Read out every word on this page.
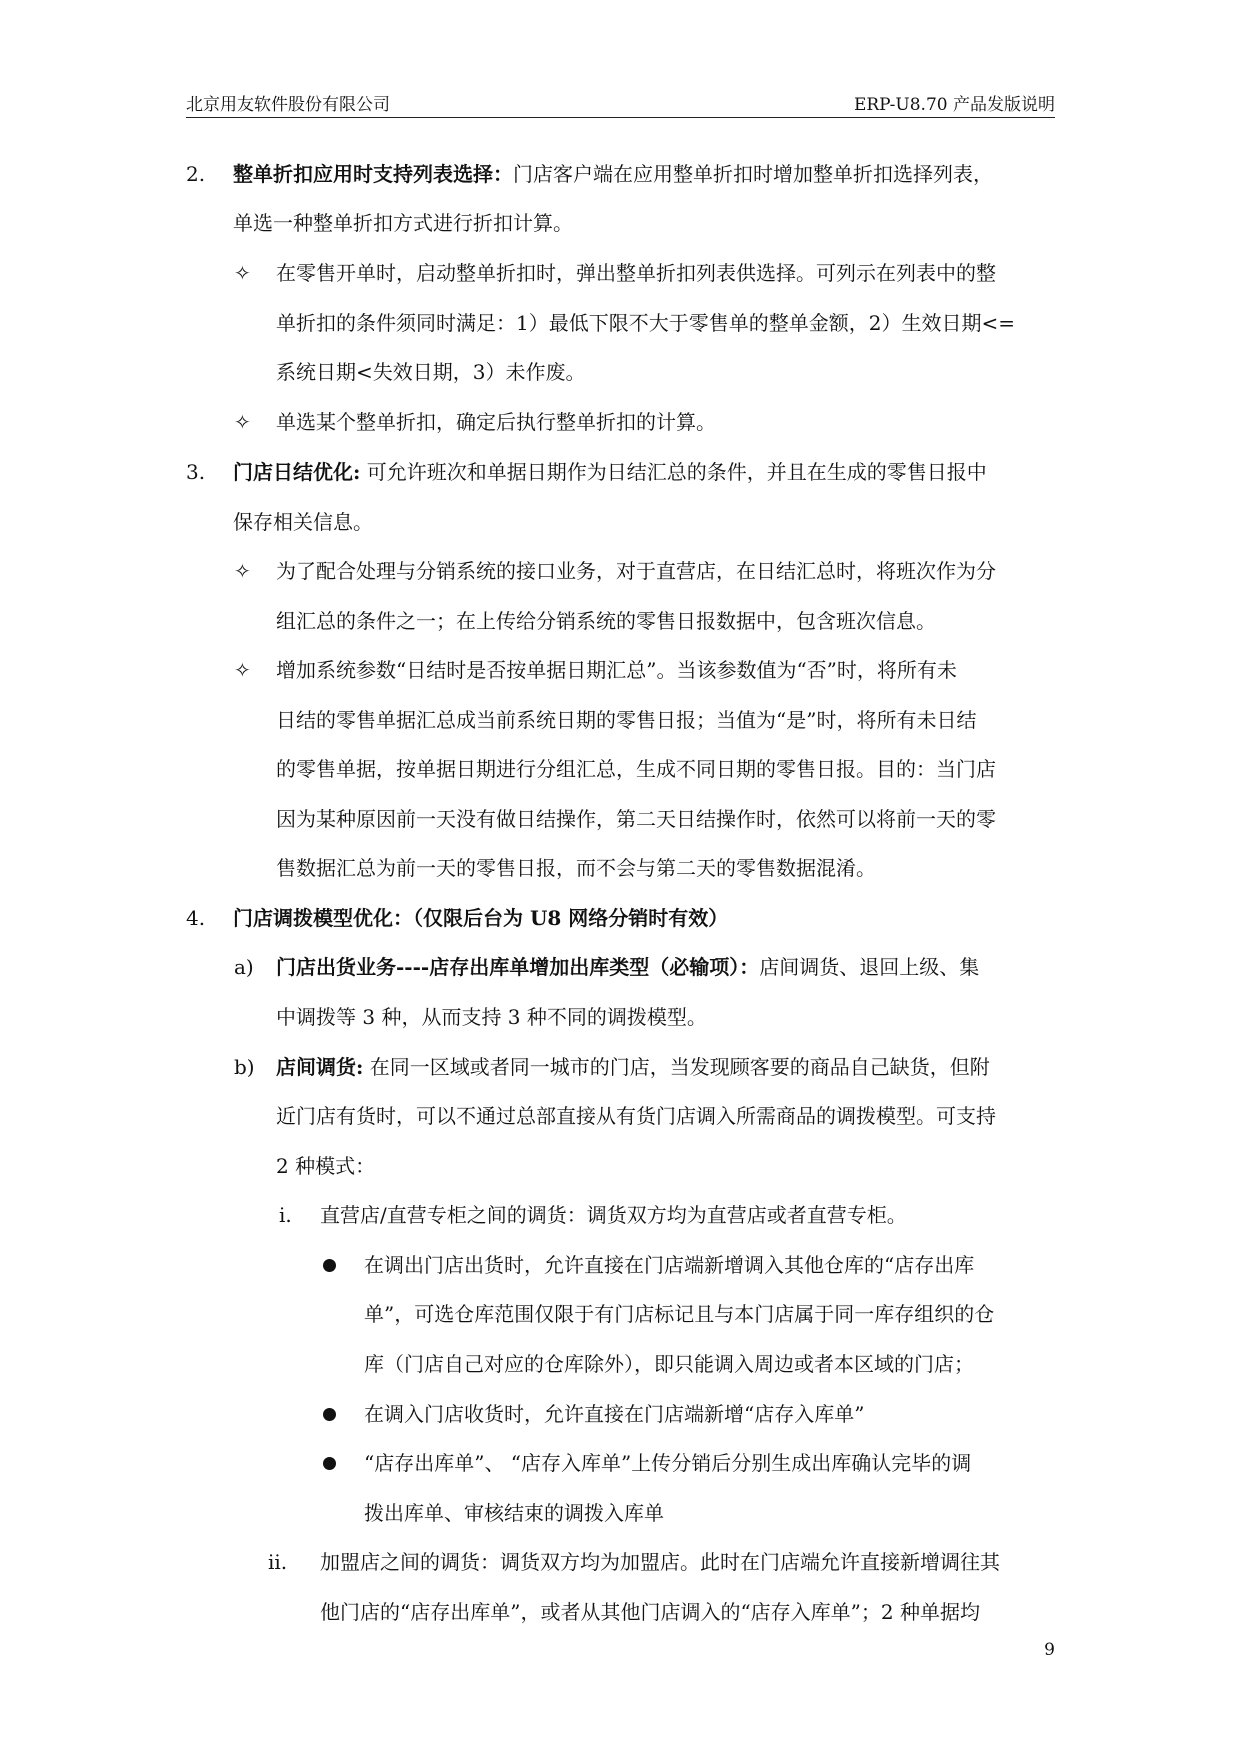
北京用友软件股份有限公司	ERP-U8.70 产品发版说明
2. 整单折扣应用时支持列表选择：门店客户端在应用整单折扣时增加整单折扣选择列表，
单选一种整单折扣方式进行折扣计算。
✧ 在零售开单时，启动整单折扣时，弹出整单折扣列表供选择。可列示在列表中的整
单折扣的条件须同时满足：1）最低下限不大于零售单的整单金额，2）生效日期<=
系统日期<失效日期，3）未作废。
✧ 单选某个整单折扣，确定后执行整单折扣的计算。
3. 门店日结优化: 可允许班次和单据日期作为日结汇总的条件，并且在生成的零售日报中
保存相关信息。
✧ 为了配合处理与分销系统的接口业务，对于直营店，在日结汇总时，将班次作为分
组汇总的条件之一；在上传给分销系统的零售日报数据中，包含班次信息。
✧ 增加系统参数“日结时是否按单据日期汇总”。当该参数值为“否”时，将所有未
日结的零售单据汇总成当前系统日期的零售日报；当值为“是”时，将所有未日结
的零售单据，按单据日期进行分组汇总，生成不同日期的零售日报。目的：当门店
因为某种原因前一天没有做日结操作，第二天日结操作时，依然可以将前一天的零
售数据汇总为前一天的零售日报，而不会与第二天的零售数据混淆。
4. 门店调拨模型优化：（仅限后台为 U8 网络分销时有效）
a) 门店出货业务----店存出库单增加出库类型（必输项）：店间调货、退回上级、集
中调拨等 3 种，从而支持 3 种不同的调拨模型。
b) 店间调货: 在同一区域或者同一城市的门店，当发现顾客要的商品自己缺货，但附
近门店有货时，可以不通过总部直接从有货门店调入所需商品的调拨模型。可支持
2 种模式：
i. 直营店/直营专柜之间的调货：调货双方均为直营店或者直营专柜。
在调出门店出货时，允许直接在门店端新增调入其他仓库的“店存出库
单”，可选仓库范围仅限于有门店标记且与本门店属于同一库存组织的仓
库（门店自己对应的仓库除外），即只能调入周边或者本区域的门店；
在调入门店收货时，允许直接在门店端新增“店存入库单”
“店存出库单”、 “店存入库单”上传分销后分别生成出库确认完毕的调
拨出库单、审核结束的调拨入库单
ii. 加盟店之间的调货：调货双方均为加盟店。此时在门店端允许直接新增调往其
他门店的“店存出库单”，或者从其他门店调入的“店存入库单”；2 种单据均
9
